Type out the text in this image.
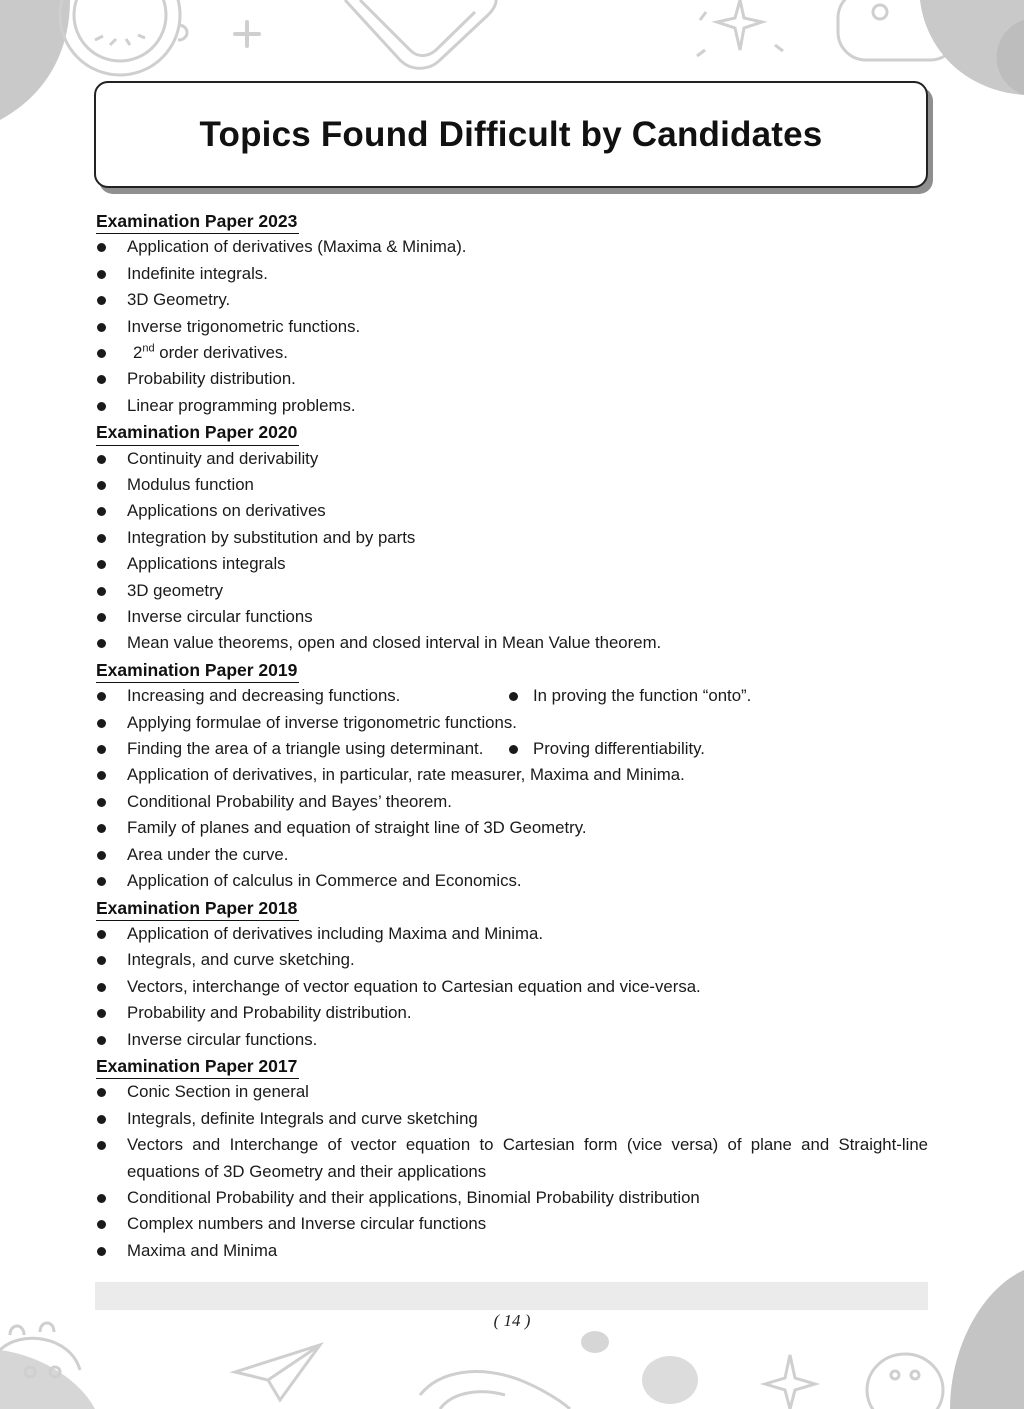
Topics Found Difficult by Candidates
Examination Paper 2023
Application of derivatives (Maxima & Minima).
Indefinite integrals.
3D Geometry.
Inverse trigonometric functions.
2nd order derivatives.
Probability distribution.
Linear programming problems.
Examination Paper 2020
Continuity and derivability
Modulus function
Applications on derivatives
Integration by substitution and by parts
Applications integrals
3D geometry
Inverse circular functions
Mean value theorems, open and closed interval in Mean Value theorem.
Examination Paper 2019
Increasing and decreasing functions.	In proving the function “onto”.
Applying formulae of inverse trigonometric functions.
Finding the area of a triangle using determinant.	Proving differentiability.
Application of derivatives, in particular, rate measurer, Maxima and Minima.
Conditional Probability and Bayes’ theorem.
Family of planes and equation of straight line of 3D Geometry.
Area under the curve.
Application of calculus in Commerce and Economics.
Examination Paper 2018
Application of derivatives including Maxima and Minima.
Integrals, and curve sketching.
Vectors, interchange of vector equation to Cartesian equation and vice-versa.
Probability and Probability distribution.
Inverse circular functions.
Examination Paper 2017
Conic Section in general
Integrals, definite Integrals and curve sketching
Vectors and Interchange of vector equation to Cartesian form (vice versa) of plane and Straight-line equations of 3D Geometry and their applications
Conditional Probability and their applications, Binomial Probability distribution
Complex numbers and Inverse circular functions
Maxima and Minima
( 14 )
